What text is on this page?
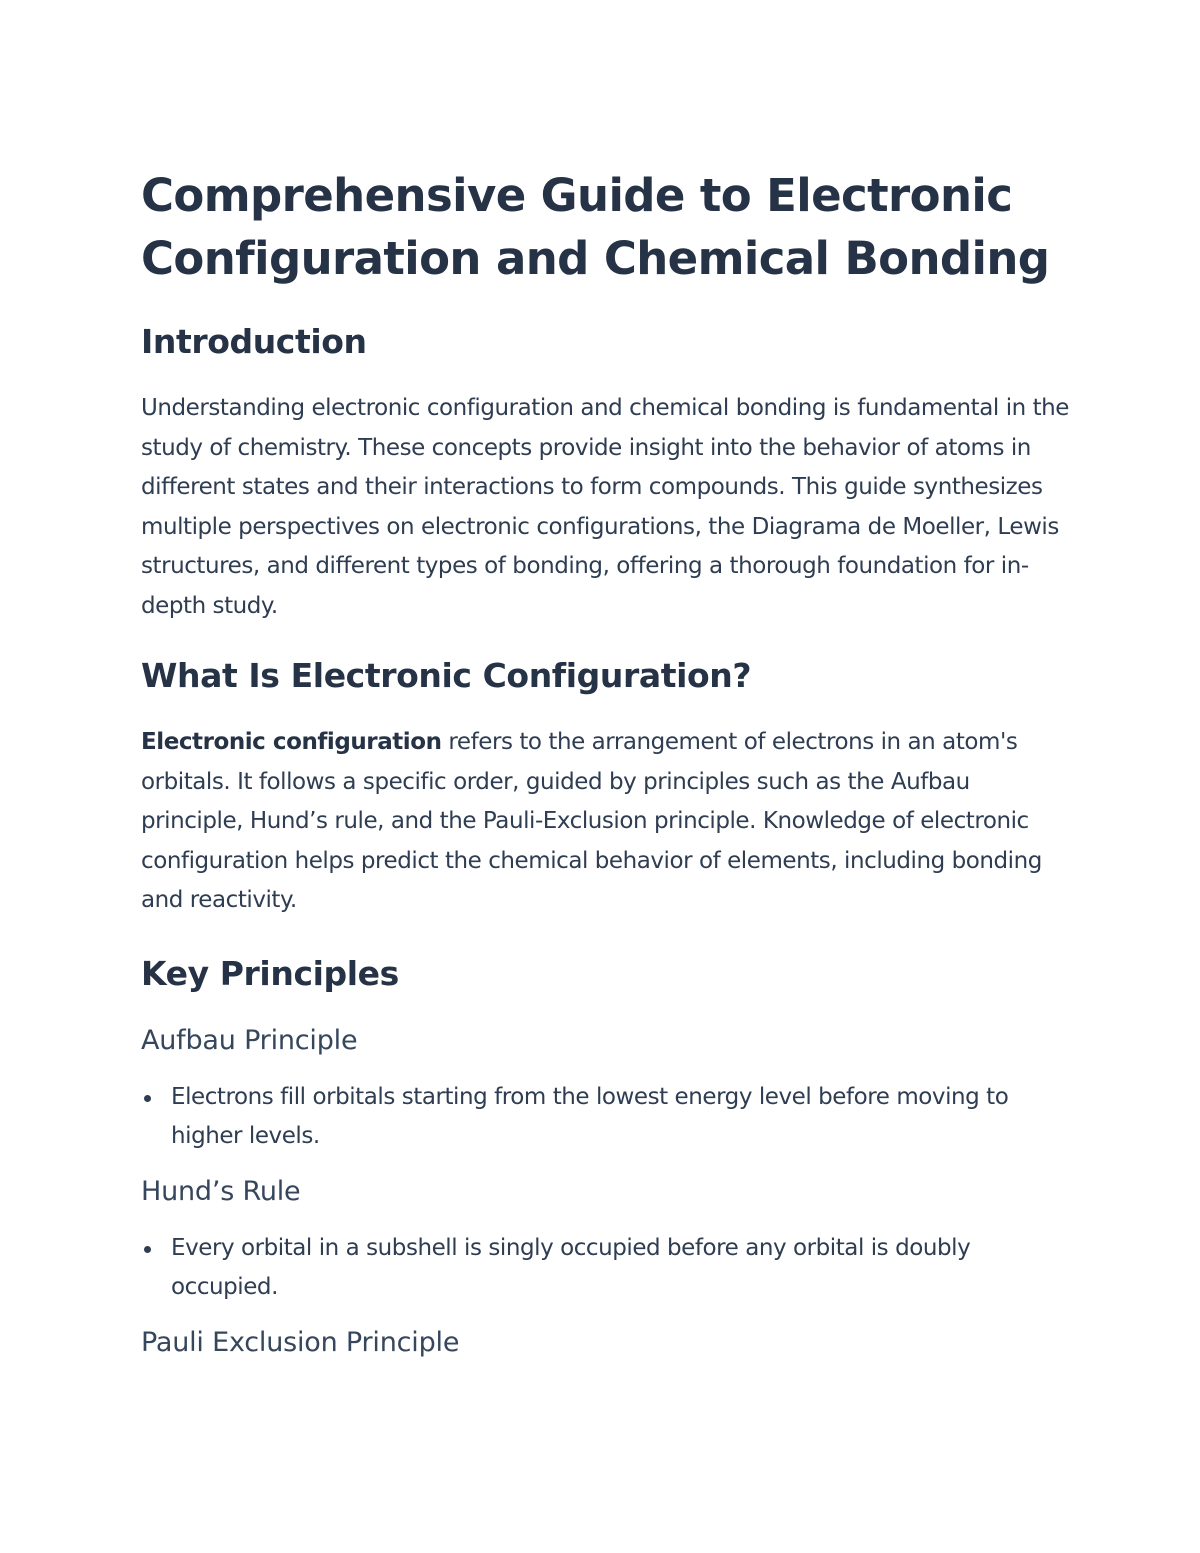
Comprehensive Guide to Electronic Configuration and Chemical Bonding
Introduction

Understanding electronic configuration and chemical bonding is fundamental in the study of chemistry. These concepts provide insight into the behavior of atoms in different states and their interactions to form compounds. This guide synthesizes multiple perspectives on electronic configurations, the Diagrama de Moeller, Lewis structures, and different types of bonding, offering a thorough foundation for in-depth study.

What Is Electronic Configuration?

Electronic configuration refers to the arrangement of electrons in an atom's orbitals. It follows a specific order, guided by principles such as the Aufbau principle, Hund’s rule, and the Pauli-Exclusion principle. Knowledge of electronic configuration helps predict the chemical behavior of elements, including bonding and reactivity.

Key Principles
Aufbau Principle
Electrons fill orbitals starting from the lowest energy level before moving to higher levels.
Hund’s Rule
Every orbital in a subshell is singly occupied before any orbital is doubly occupied.
Pauli Exclusion Principle
